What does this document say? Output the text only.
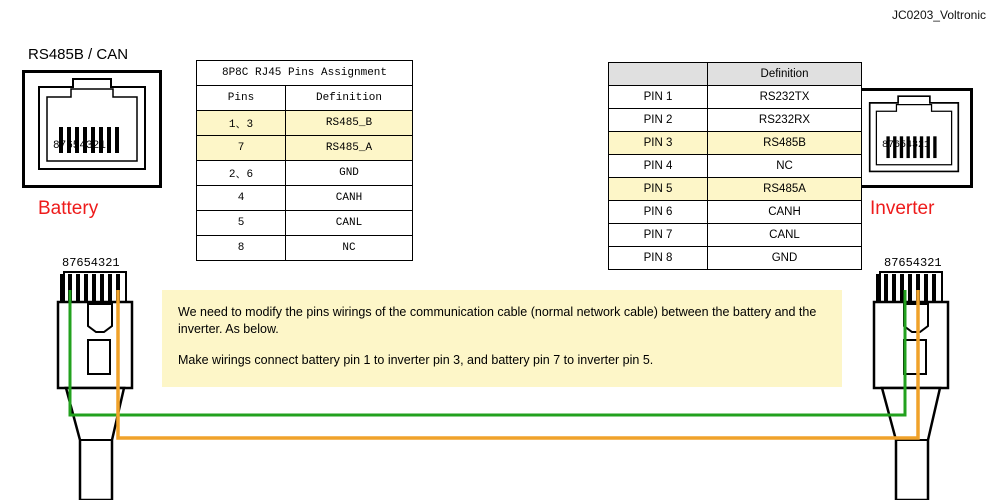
JC0203_Voltronic
RS485B / CAN
87654321
Battery
87654321
Inverter
8P8C RJ45 Pins Assignment	
Pins	Definition
1、3	RS485_B
7	RS485_A
2、6	GND
4	CANH
5	CANL
8	NC
	Definition
PIN 1	RS232TX
PIN 2	RS232RX
PIN 3	RS485B
PIN 4	NC
PIN 5	RS485A
PIN 6	CANH
PIN 7	CANL
PIN 8	GND
87654321	87654321

We need to modify the pins wirings of the communication cable (normal network cable) between the battery and the inverter. As below.

Make wirings connect battery pin 1 to inverter pin 3, and battery pin 7 to inverter pin 5.
